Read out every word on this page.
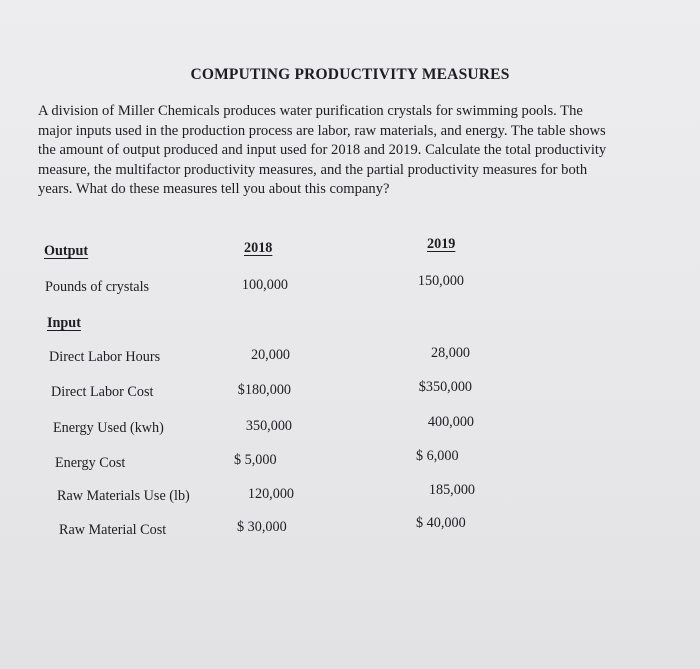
COMPUTING PRODUCTIVITY MEASURES
A division of Miller Chemicals produces water purification crystals for swimming pools. The
major inputs used in the production process are labor, raw materials, and energy. The table shows
the amount of output produced and input used for 2018 and 2019. Calculate the total productivity
measure, the multifactor productivity measures, and the partial productivity measures for both
years. What do these measures tell you about this company?
Output	2018	2019
Pounds of crystals	100,000	150,000
Input
Direct Labor Hours	20,000	28,000
Direct Labor Cost	$180,000	$350,000
Energy Used (kwh)	350,000	400,000
Energy Cost	$ 5,000	$ 6,000
Raw Materials Use (lb)	120,000	185,000
Raw Material Cost	$ 30,000	$ 40,000
